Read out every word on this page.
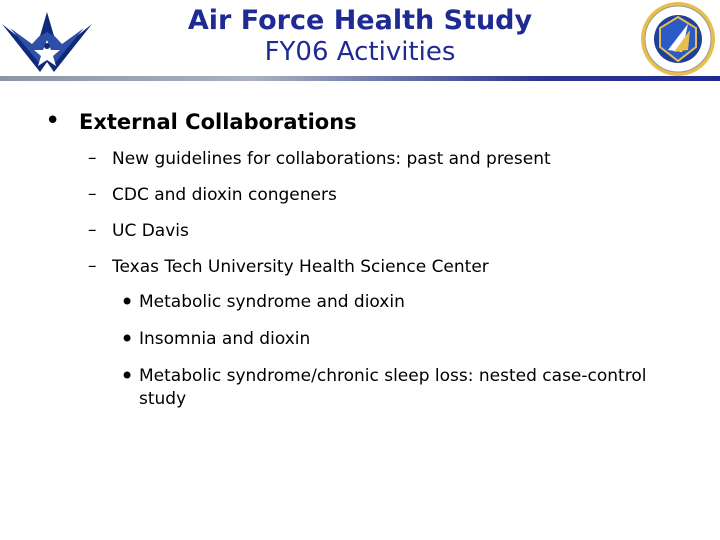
Air Force Health Study
FY06 Activities
• External Collaborations
– New guidelines for collaborations: past and present
– CDC and dioxin congeners
– UC Davis
– Texas Tech University Health Science Center
• Metabolic syndrome and dioxin
• Insomnia and dioxin
• Metabolic syndrome/chronic sleep loss: nested case-control
study
